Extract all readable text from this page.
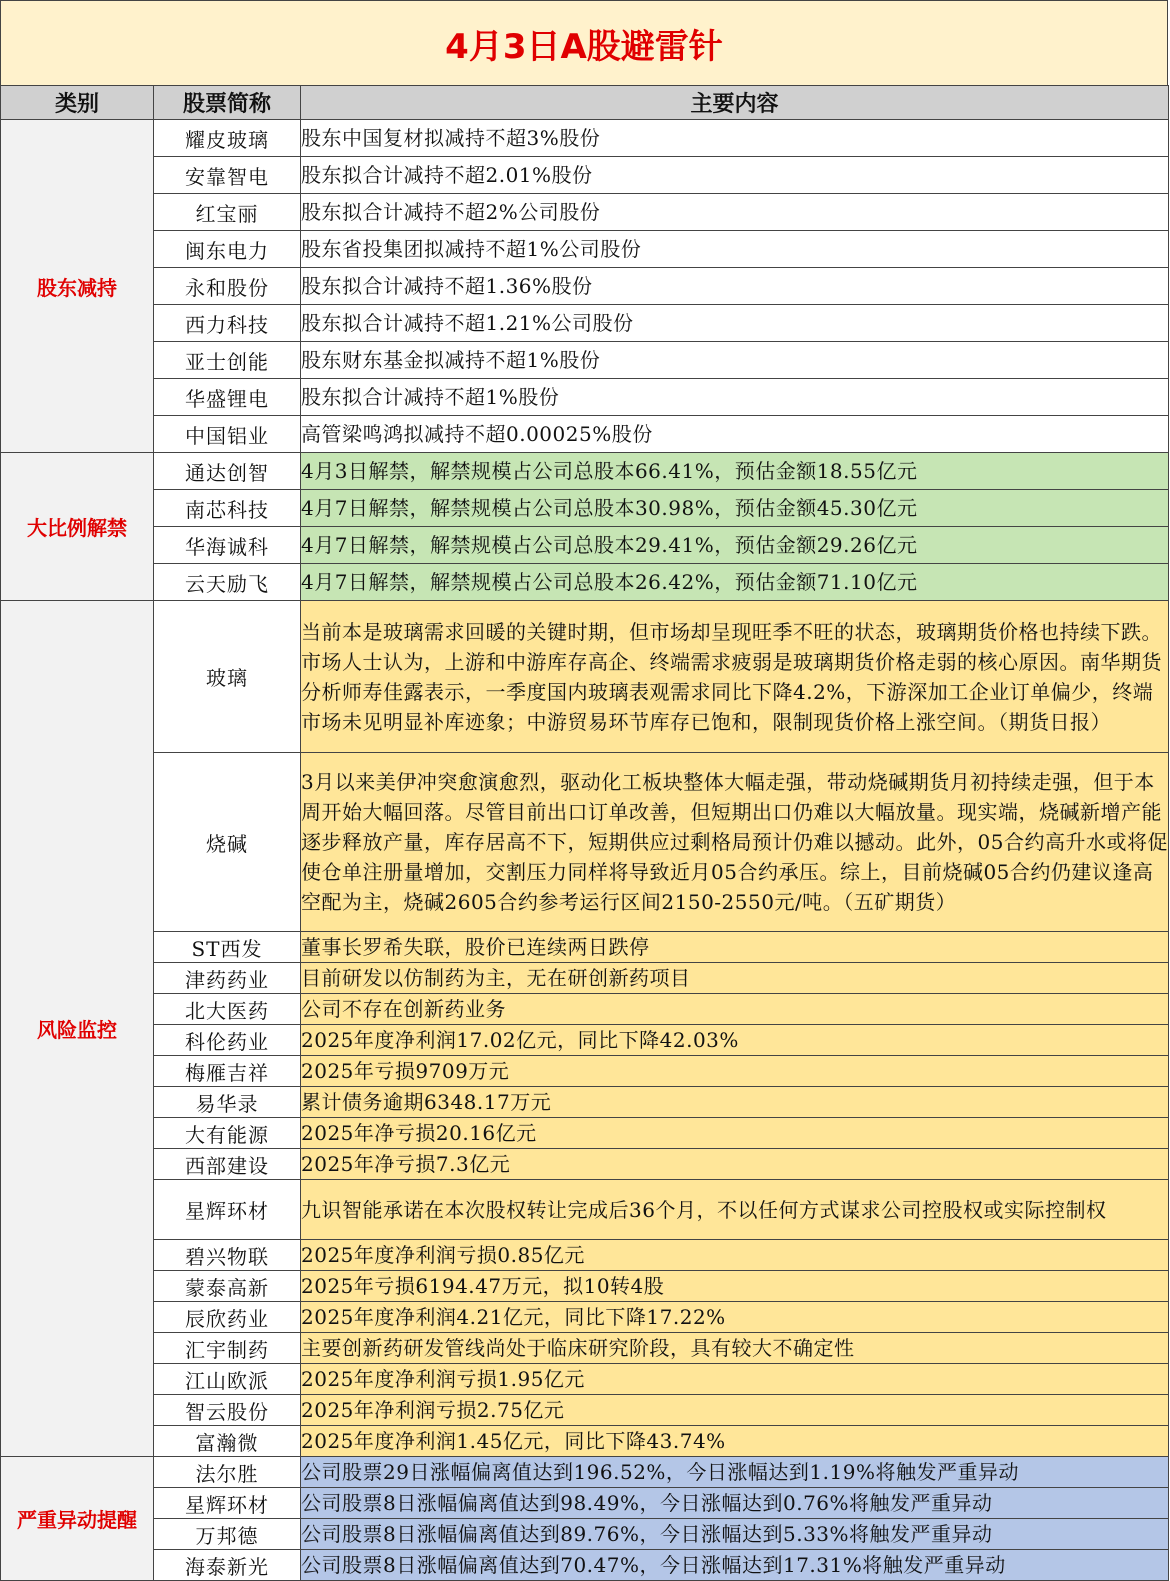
4月3日A股避雷针
类别	股票简称	主要内容
股东减持	耀皮玻璃	股东中国复材拟减持不超3%股份
	安靠智电	股东拟合计减持不超2.01%股份
	红宝丽	股东拟合计减持不超2%公司股份
	闽东电力	股东省投集团拟减持不超1%公司股份
	永和股份	股东拟合计减持不超1.36%股份
	西力科技	股东拟合计减持不超1.21%公司股份
	亚士创能	股东财东基金拟减持不超1%股份
	华盛锂电	股东拟合计减持不超1%股份
	中国铝业	高管梁鸣鸿拟减持不超0.00025%股份
大比例解禁	通达创智	4月3日解禁，解禁规模占公司总股本66.41%，预估金额18.55亿元
	南芯科技	4月7日解禁，解禁规模占公司总股本30.98%，预估金额45.30亿元
	华海诚科	4月7日解禁，解禁规模占公司总股本29.41%，预估金额29.26亿元
	云天励飞	4月7日解禁，解禁规模占公司总股本26.42%，预估金额71.10亿元
风险监控	玻璃	当前本是玻璃需求回暖的关键时期，但市场却呈现旺季不旺的状态，玻璃期货价格也持续下跌。市场人士认为，上游和中游库存高企、终端需求疲弱是玻璃期货价格走弱的核心原因。南华期货分析师寿佳露表示，一季度国内玻璃表观需求同比下降4.2%，下游深加工企业订单偏少，终端市场未见明显补库迹象；中游贸易环节库存已饱和，限制现货价格上涨空间。（期货日报）
	烧碱	3月以来美伊冲突愈演愈烈，驱动化工板块整体大幅走强，带动烧碱期货月初持续走强，但于本周开始大幅回落。尽管目前出口订单改善，但短期出口仍难以大幅放量。现实端，烧碱新增产能逐步释放产量，库存居高不下，短期供应过剩格局预计仍难以撼动。此外，05合约高升水或将促使仓单注册量增加，交割压力同样将导致近月05合约承压。综上，目前烧碱05合约仍建议逢高空配为主，烧碱2605合约参考运行区间2150-2550元/吨。（五矿期货）
	ST西发	董事长罗希失联，股价已连续两日跌停
	津药药业	目前研发以仿制药为主，无在研创新药项目
	北大医药	公司不存在创新药业务
	科伦药业	2025年度净利润17.02亿元，同比下降42.03%
	梅雁吉祥	2025年亏损9709万元
	易华录	累计债务逾期6348.17万元
	大有能源	2025年净亏损20.16亿元
	西部建设	2025年净亏损7.3亿元
	星辉环材	九识智能承诺在本次股权转让完成后36个月，不以任何方式谋求公司控股权或实际控制权
	碧兴物联	2025年度净利润亏损0.85亿元
	蒙泰高新	2025年亏损6194.47万元，拟10转4股
	辰欣药业	2025年度净利润4.21亿元，同比下降17.22%
	汇宇制药	主要创新药研发管线尚处于临床研究阶段，具有较大不确定性
	江山欧派	2025年度净利润亏损1.95亿元
	智云股份	2025年净利润亏损2.75亿元
	富瀚微	2025年度净利润1.45亿元，同比下降43.74%
严重异动提醒	法尔胜	公司股票29日涨幅偏离值达到196.52%，今日涨幅达到1.19%将触发严重异动
	星辉环材	公司股票8日涨幅偏离值达到98.49%，今日涨幅达到0.76%将触发严重异动
	万邦德	公司股票8日涨幅偏离值达到89.76%，今日涨幅达到5.33%将触发严重异动
	海泰新光	公司股票8日涨幅偏离值达到70.47%，今日涨幅达到17.31%将触发严重异动
